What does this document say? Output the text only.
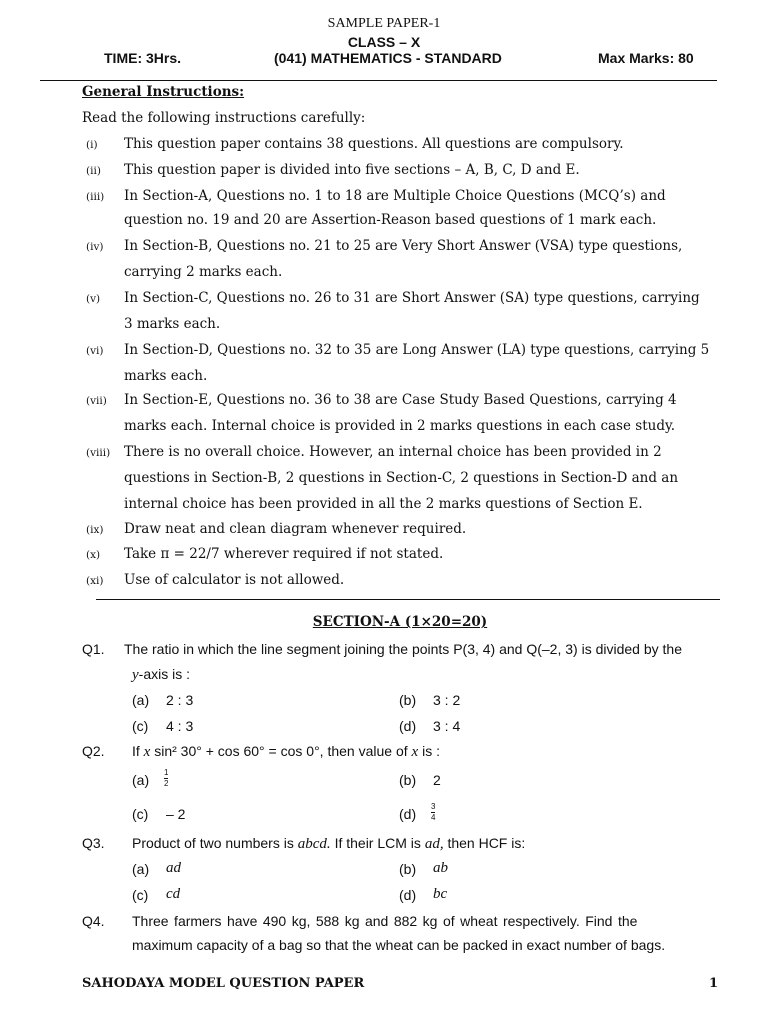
SAMPLE PAPER-1
CLASS – X
TIME: 3Hrs.	(041) MATHEMATICS - STANDARD	Max Marks: 80
General Instructions:
Read the following instructions carefully:
(i) This question paper contains 38 questions. All questions are compulsory.
(ii) This question paper is divided into five sections – A, B, C, D and E.
(iii) In Section-A, Questions no. 1 to 18 are Multiple Choice Questions (MCQ’s) and
question no. 19 and 20 are Assertion-Reason based questions of 1 mark each.
(iv) In Section-B, Questions no. 21 to 25 are Very Short Answer (VSA) type questions,
carrying 2 marks each.
(v) In Section-C, Questions no. 26 to 31 are Short Answer (SA) type questions, carrying
3 marks each.
(vi) In Section-D, Questions no. 32 to 35 are Long Answer (LA) type questions, carrying 5
marks each.
(vii) In Section-E, Questions no. 36 to 38 are Case Study Based Questions, carrying 4
marks each. Internal choice is provided in 2 marks questions in each case study.
(viii) There is no overall choice. However, an internal choice has been provided in 2
questions in Section-B, 2 questions in Section-C, 2 questions in Section-D and an
internal choice has been provided in all the 2 marks questions of Section E.
(ix) Draw neat and clean diagram whenever required.
(x) Take π = 22/7 wherever required if not stated.
(xi) Use of calculator is not allowed.
SECTION-A (1×20=20)
Q1. The ratio in which the line segment joining the points P(3, 4) and Q(–2, 3) is divided by the
y-axis is :
(a) 2 : 3	(b) 3 : 2
(c) 4 : 3	(d) 3 : 4
Q2. If x sin² 30° + cos 60° = cos 0°, then value of x is :
$(a) \frac{1}{2}$	(b) 2
(c) – 2	$(d) \frac{3}{4}$
Q3. Product of two numbers is abcd. If their LCM is ad, then HCF is:
(a) ad	(b) ab
(c) cd	(d) bc
Q4. Three farmers have 490 kg, 588 kg and 882 kg of wheat respectively. Find the
maximum capacity of a bag so that the wheat can be packed in exact number of bags.
SAHODAYA MODEL QUESTION PAPER	1
